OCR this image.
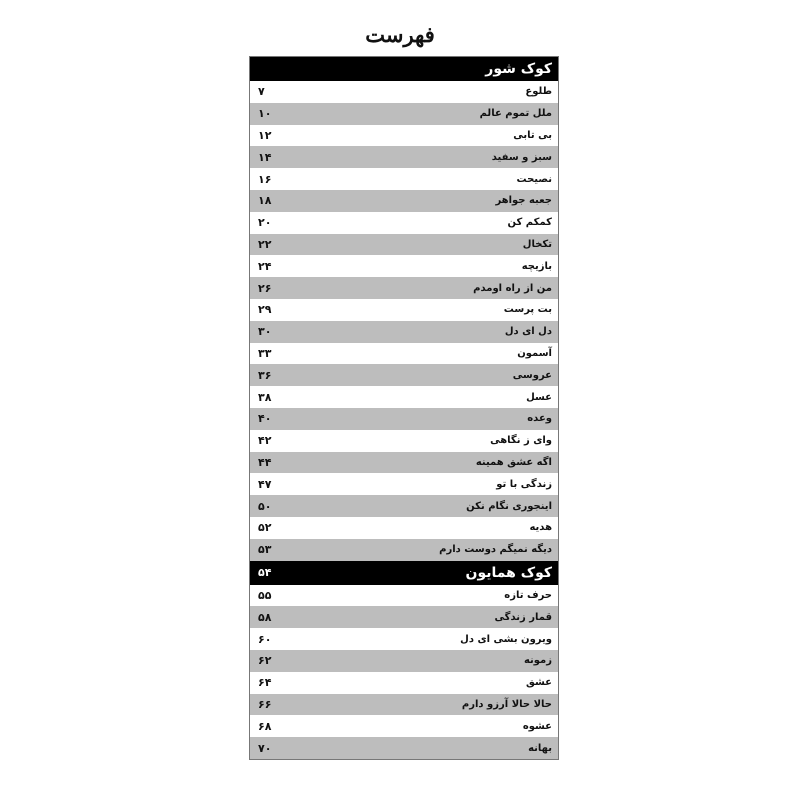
فهرست
کوک شور
۷	طلوع
۱۰	ملل تموم عالم
۱۲	بی تابی
۱۴	سبز و سفید
۱۶	نصیحت
۱۸	جعبه جواهر
۲۰	کمکم کن
۲۲	تکخال
۲۴	بازیچه
۲۶	من از راه اومدم
۲۹	بت پرست
۳۰	دل ای دل
۳۳	آسمون
۳۶	عروسی
۳۸	عسل
۴۰	وعده
۴۲	وای ز نگاهی
۴۴	اگه عشق همینه
۴۷	زندگی با تو
۵۰	اینجوری نگام نکن
۵۲	هدیه
۵۳	دیگه نمیگم دوست دارم
۵۴	کوک همایون
۵۵	حرف تازه
۵۸	قمار زندگی
۶۰	ویرون بشی ای دل
۶۲	زمونه
۶۴	عشق
۶۶	حالا حالا آرزو دارم
۶۸	عشوه
۷۰	بهانه
